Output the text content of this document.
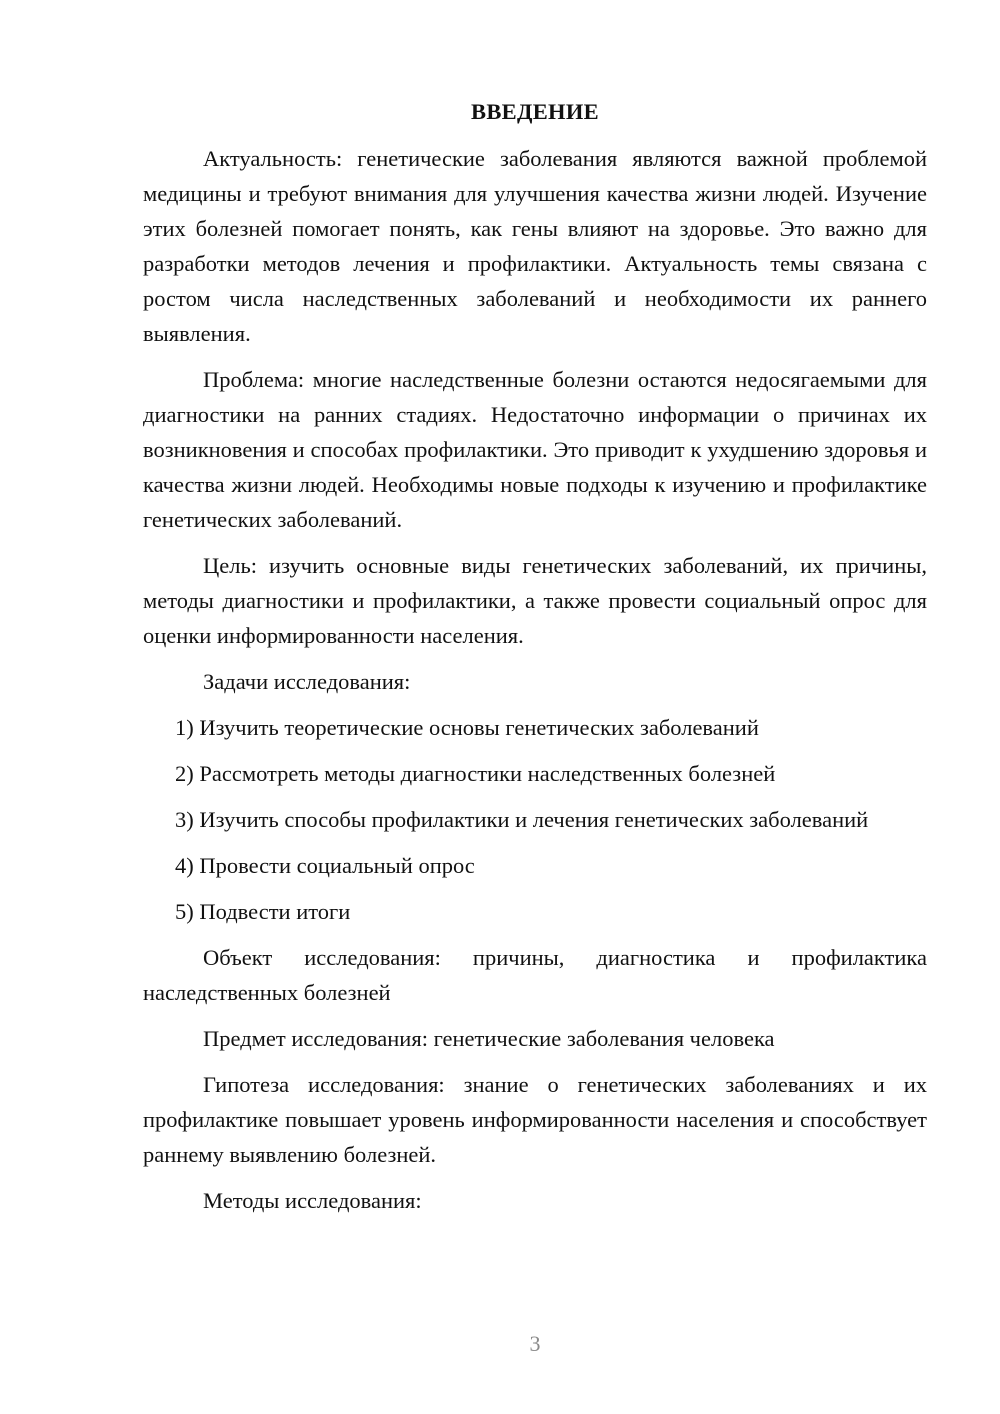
ВВЕДЕНИЕ

Актуальность: генетические заболевания являются важной проблемой медицины и требуют внимания для улучшения качества жизни людей. Изучение этих болезней помогает понять, как гены влияют на здоровье. Это важно для разработки методов лечения и профилактики. Актуальность темы связана с ростом числа наследственных заболеваний и необходимости их раннего выявления.

Проблема: многие наследственные болезни остаются недосягаемыми для диагностики на ранних стадиях. Недостаточно информации о причинах их возникновения и способах профилактики. Это приводит к ухудшению здоровья и качества жизни людей. Необходимы новые подходы к изучению и профилактике генетических заболеваний.

Цель: изучить основные виды генетических заболеваний, их причины, методы диагностики и профилактики, а также провести социальный опрос для оценки информированности населения.

Задачи исследования:

1) Изучить теоретические основы генетических заболеваний

2) Рассмотреть методы диагностики наследственных болезней

3) Изучить способы профилактики и лечения генетических заболеваний

4) Провести социальный опрос

5) Подвести итоги

Объект исследования: причины, диагностика и профилактика наследственных болезней

Предмет исследования: генетические заболевания человека

Гипотеза исследования: знание о генетических заболеваниях и их профилактике повышает уровень информированности населения и способствует раннему выявлению болезней.

Методы исследования:

3
